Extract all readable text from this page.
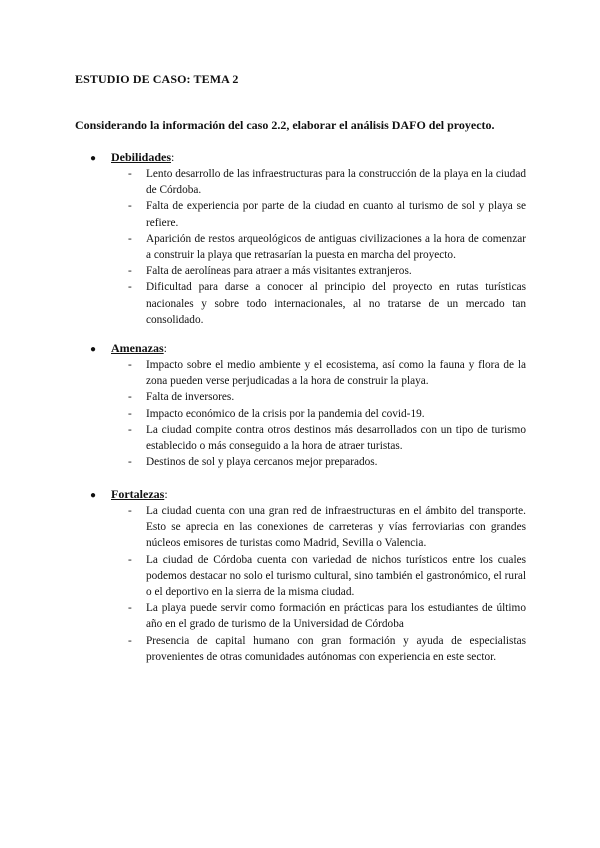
ESTUDIO DE CASO: TEMA 2
Considerando la información del caso 2.2, elaborar el análisis DAFO del proyecto.
● Debilidades:
- Lento desarrollo de las infraestructuras para la construcción de la playa en la ciudad de Córdoba.
- Falta de experiencia por parte de la ciudad en cuanto al turismo de sol y playa se refiere.
- Aparición de restos arqueológicos de antiguas civilizaciones a la hora de comenzar a construir la playa que retrasarían la puesta en marcha del proyecto.
- Falta de aerolíneas para atraer a más visitantes extranjeros.
- Dificultad para darse a conocer al principio del proyecto en rutas turísticas nacionales y sobre todo internacionales, al no tratarse de un mercado tan consolidado.
● Amenazas:
- Impacto sobre el medio ambiente y el ecosistema, así como la fauna y flora de la zona pueden verse perjudicadas a la hora de construir la playa.
- Falta de inversores.
- Impacto económico de la crisis por la pandemia del covid-19.
- La ciudad compite contra otros destinos más desarrollados con un tipo de turismo establecido o más conseguido a la hora de atraer turistas.
- Destinos de sol y playa cercanos mejor preparados.
● Fortalezas:
- La ciudad cuenta con una gran red de infraestructuras en el ámbito del transporte. Esto se aprecia en las conexiones de carreteras y vías ferroviarias con grandes núcleos emisores de turistas como Madrid, Sevilla o Valencia.
- La ciudad de Córdoba cuenta con variedad de nichos turísticos entre los cuales podemos destacar no solo el turismo cultural, sino también el gastronómico, el rural o el deportivo en la sierra de la misma ciudad.
- La playa puede servir como formación en prácticas para los estudiantes de último año en el grado de turismo de la Universidad de Córdoba
- Presencia de capital humano con gran formación y ayuda de especialistas provenientes de otras comunidades autónomas con experiencia en este sector.
